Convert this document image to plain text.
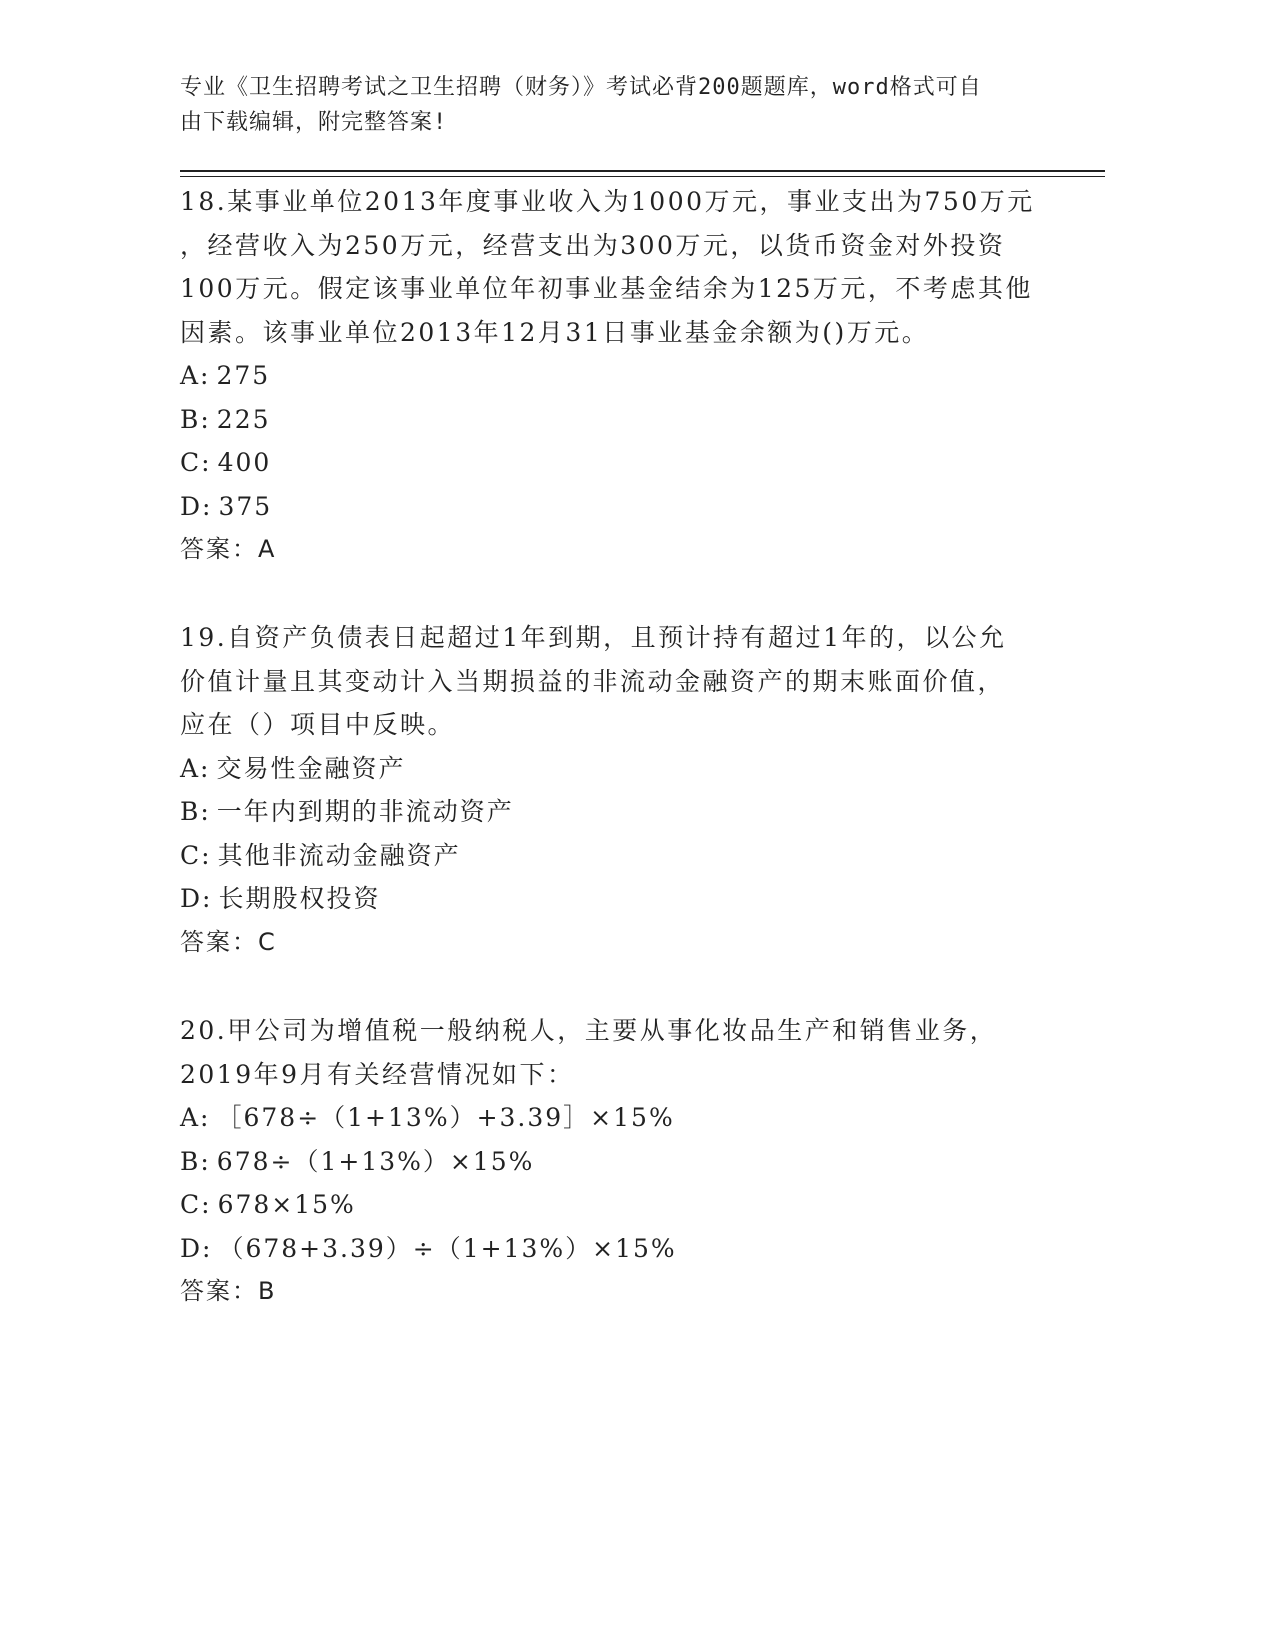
专业《卫生招聘考试之卫生招聘（财务）》考试必背200题题库，word格式可自
由下载编辑，附完整答案!
18.某事业单位2013年度事业收入为1000万元，事业支出为750万元
，经营收入为250万元，经营支出为300万元，以货币资金对外投资
100万元。假定该事业单位年初事业基金结余为125万元，不考虑其他
因素。该事业单位2013年12月31日事业基金余额为()万元。
A: 275
B: 225
C: 400
D: 375
答案：A
19.自资产负债表日起超过1年到期，且预计持有超过1年的，以公允
价值计量且其变动计入当期损益的非流动金融资产的期末账面价值，
应在（）项目中反映。
A: 交易性金融资产
B: 一年内到期的非流动资产
C: 其他非流动金融资产
D: 长期股权投资
答案：C
20.甲公司为增值税一般纳税人，主要从事化妆品生产和销售业务，
2019年9月有关经营情况如下：
A: ［678÷（1+13%）+3.39］×15%
B: 678÷（1+13%）×15%
C: 678×15%
D: （678+3.39）÷（1+13%）×15%
答案：B
